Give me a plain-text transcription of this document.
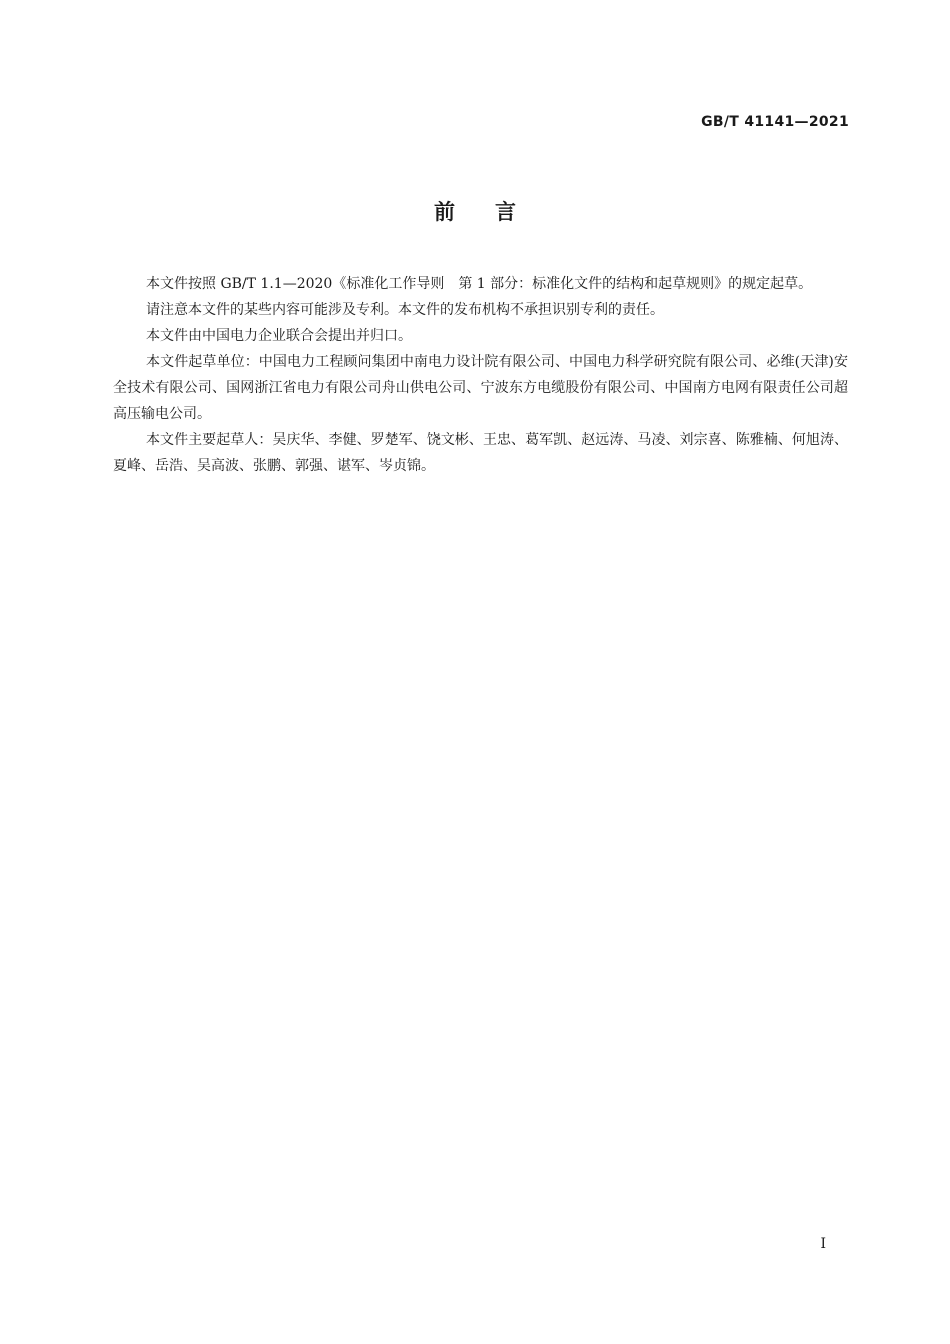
GB/T 41141—2021
前言

本文件按照 GB/T 1.1—2020《标准化工作导则　第 1 部分：标准化文件的结构和起草规则》的规定起草。

请注意本文件的某些内容可能涉及专利。本文件的发布机构不承担识别专利的责任。

本文件由中国电力企业联合会提出并归口。

本文件起草单位：中国电力工程顾问集团中南电力设计院有限公司、中国电力科学研究院有限公司、必维(天津)安全技术有限公司、国网浙江省电力有限公司舟山供电公司、宁波东方电缆股份有限公司、中国南方电网有限责任公司超高压输电公司。

本文件主要起草人：吴庆华、李健、罗楚军、饶文彬、王忠、葛军凯、赵远涛、马凌、刘宗喜、陈雅楠、何旭涛、夏峰、岳浩、吴高波、张鹏、郭强、谌军、岑贞锦。

I
